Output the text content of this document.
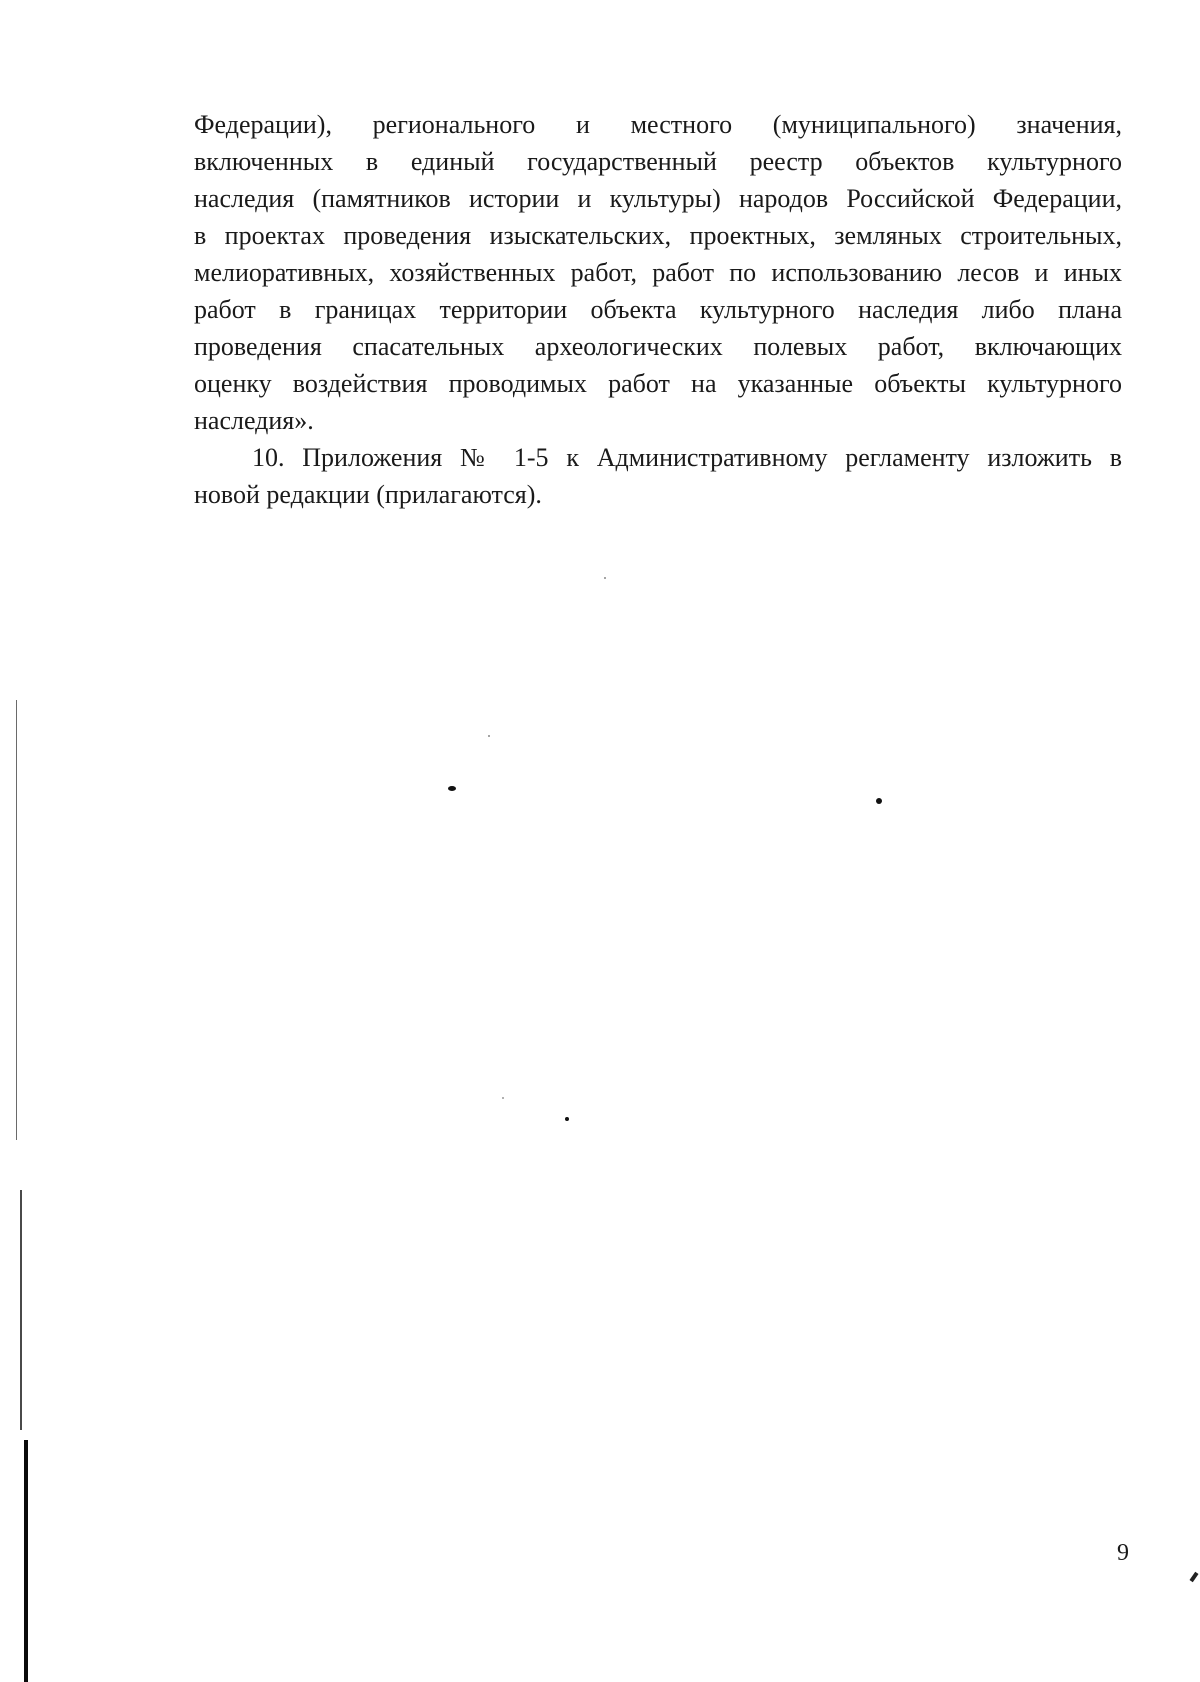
Федерации), регионального и местного (муниципального) значения,
включенных в единый государственный реестр объектов культурного
наследия (памятников истории и культуры) народов Российской Федерации,
в проектах проведения изыскательских, проектных, земляных строительных,
мелиоративных, хозяйственных работ, работ по использованию лесов и иных
работ в границах территории объекта культурного наследия либо плана
проведения спасательных археологических полевых работ, включающих
оценку воздействия проводимых работ на указанные объекты культурного
наследия».
10. Приложения № 1-5 к Административному регламенту изложить в
новой редакции (прилагаются).
9
